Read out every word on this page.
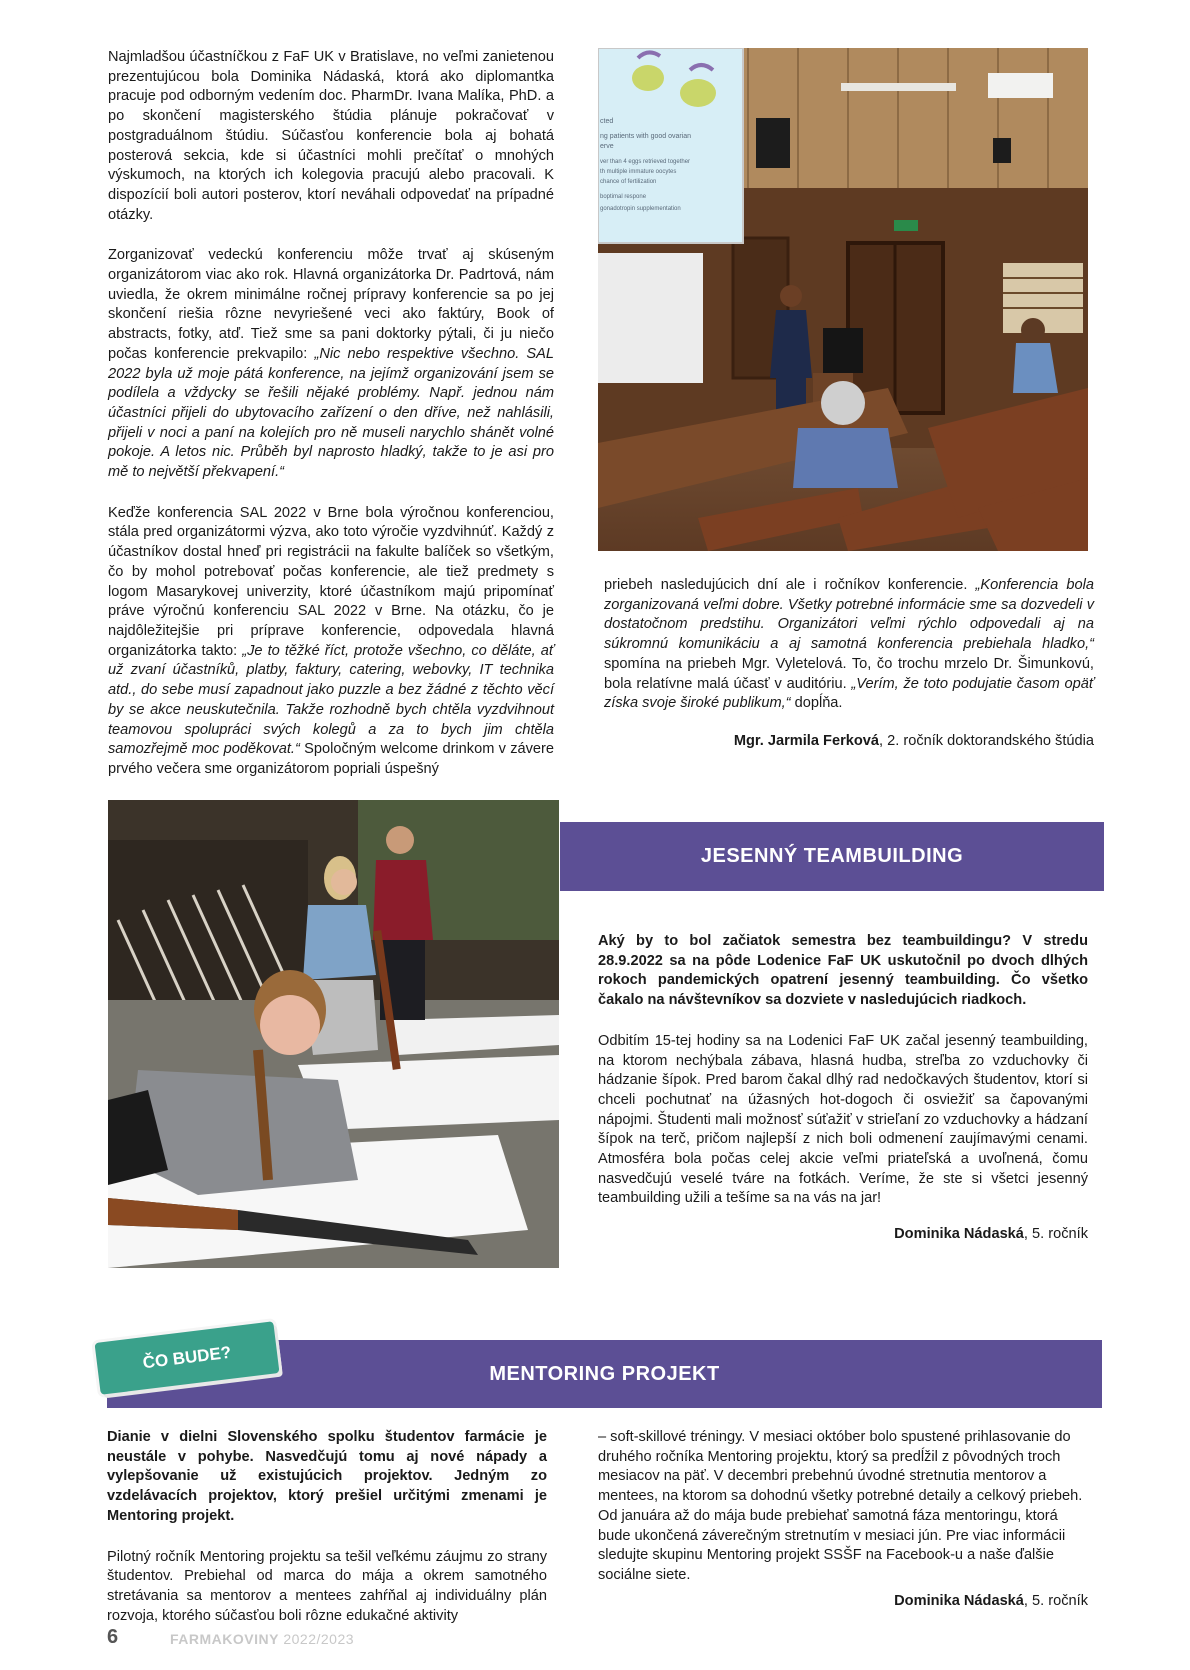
Najmladšou účastníčkou z FaF UK v Bratislave, no veľmi zanietenou prezentujúcou bola Dominika Nádaská, ktorá ako diplomantka pracuje pod odborným vedením doc. PharmDr. Ivana Malíka, PhD. a po skončení magisterského štúdia plánuje pokračovať v postgraduálnom štúdiu. Súčasťou konferencie bola aj bohatá posterová sekcia, kde si účastníci mohli prečítať o mnohých výskumoch, na ktorých ich kolegovia pracujú alebo pracovali. K dispozícií boli autori posterov, ktorí neváhali odpovedať na prípadné otázky.

Zorganizovať vedeckú konferenciu môže trvať aj skúseným organizátorom viac ako rok. Hlavná organizátorka Dr. Padrtová, nám uviedla, že okrem minimálne ročnej prípravy konferencie sa po jej skončení riešia rôzne nevyriešené veci ako faktúry, Book of abstracts, fotky, atď. Tiež sme sa pani doktorky pýtali, či ju niečo počas konferencie prekvapilo: „Nic nebo respektive všechno. SAL 2022 byla už moje pátá konference, na jejímž organizování jsem se podílela a vždycky se řešili nějaké problémy. Např. jednou nám účastníci přijeli do ubytovacího zařízení o den dříve, než nahlásili, přijeli v noci a paní na kolejích pro ně museli narychlo shánět volné pokoje. A letos nic. Průběh byl naprosto hladký, takže to je asi pro mě to největší překvapení.“

Keďže konferencia SAL 2022 v Brne bola výročnou konferenciou, stála pred organizátormi výzva, ako toto výročie vyzdvihnúť. Každý z účastníkov dostal hneď pri registrácii na fakulte balíček so všetkým, čo by mohol potrebovať počas konferencie, ale tiež predmety s logom Masarykovej univerzity, ktoré účastníkom majú pripomínať práve výročnú konferenciu SAL 2022 v Brne. Na otázku, čo je najdôležitejšie pri príprave konferencie, odpovedala hlavná organizátorka takto: „Je to těžké říct, protože všechno, co děláte, ať už zvaní účastníků, platby, faktury, catering, webovky, IT technika atd., do sebe musí zapadnout jako puzzle a bez žádné z těchto věcí by se akce neuskutečnila. Takže rozhodně bych chtěla vyzdvihnout teamovou spolupráci svých kolegů a za to bych jim chtěla samozřejmě moc poděkovat.“ Spoločným welcome drinkom v závere prvého večera sme organizátorom popriali úspešný

cted
ng patients with good ovarian
erve
ver than 4 eggs retrieved together
th multiple immature oocytes
chance of fertilization
boptimal respone
gonadotropin supplementation

priebeh nasledujúcich dní ale i ročníkov konferencie. „Konferencia bola zorganizovaná veľmi dobre. Všetky potrebné informácie sme sa dozvedeli v dostatočnom predstihu. Organizátori veľmi rýchlo odpovedali aj na súkromnú komunikáciu a aj samotná konferencia prebiehala hladko,“ spomína na priebeh Mgr. Vyletelová. To, čo trochu mrzelo Dr. Šimunkovú, bola relatívne malá účasť v auditóriu. „Verím, že toto podujatie časom opäť získa svoje široké publikum,“ dopĺňa.

Mgr. Jarmila Ferková, 2. ročník doktorandského štúdia
JESENNÝ TEAMBUILDING

Aký by to bol začiatok semestra bez teambuildingu? V stredu 28.9.2022 sa na pôde Lodenice FaF UK uskutočnil po dvoch dlhých rokoch pandemických opatrení jesenný teambuilding. Čo všetko čakalo na návštevníkov sa dozviete v nasledujúcich riadkoch.

Odbitím 15-tej hodiny sa na Lodenici FaF UK začal jesenný teambuilding, na ktorom nechýbala zábava, hlasná hudba, streľba zo vzduchovky či hádzanie šípok. Pred barom čakal dlhý rad nedočkavých študentov, ktorí si chceli pochutnať na úžasných hot-dogoch či osviežiť sa čapovanými nápojmi. Študenti mali možnosť súťažiť v strieľaní zo vzduchovky a hádzaní šípok na terč, pričom najlepší z nich boli odmenení zaujímavými cenami. Atmosféra bola počas celej akcie veľmi priateľská a uvoľnená, čomu nasvedčujú veselé tváre na fotkách. Veríme, že ste si všetci jesenný teambuilding užili a tešíme sa na vás na jar!

Dominika Nádaská, 5. ročník
MENTORING PROJEKT
ČO BUDE?

Dianie v dielni Slovenského spolku študentov farmácie je neustále v pohybe. Nasvedčujú tomu aj nové nápady a vylepšovanie už existujúcich projektov. Jedným zo vzdelávacích projektov, ktorý prešiel určitými zmenami je Mentoring projekt.

Pilotný ročník Mentoring projektu sa tešil veľkému záujmu zo strany študentov. Prebiehal od marca do mája a okrem samotného stretávania sa mentorov a mentees zahŕňal aj individuálny plán rozvoja, ktorého súčasťou boli rôzne edukačné aktivity

– soft-skillové tréningy. V mesiaci október bolo spustené prihlasovanie do druhého ročníka Mentoring projektu, ktorý sa predĺžil z pôvodných troch mesiacov na päť. V decembri prebehnú úvodné stretnutia mentorov a mentees, na ktorom sa dohodnú všetky potrebné detaily a celkový priebeh. Od januára až do mája bude prebiehať samotná fáza mentoringu, ktorá bude ukončená záverečným stretnutím v mesiaci jún. Pre viac informácii sledujte skupinu Mentoring projekt SSŠF na Facebook-u a naše ďalšie sociálne siete.

Dominika Nádaská, 5. ročník
6	FARMAKOVINY 2022/2023
